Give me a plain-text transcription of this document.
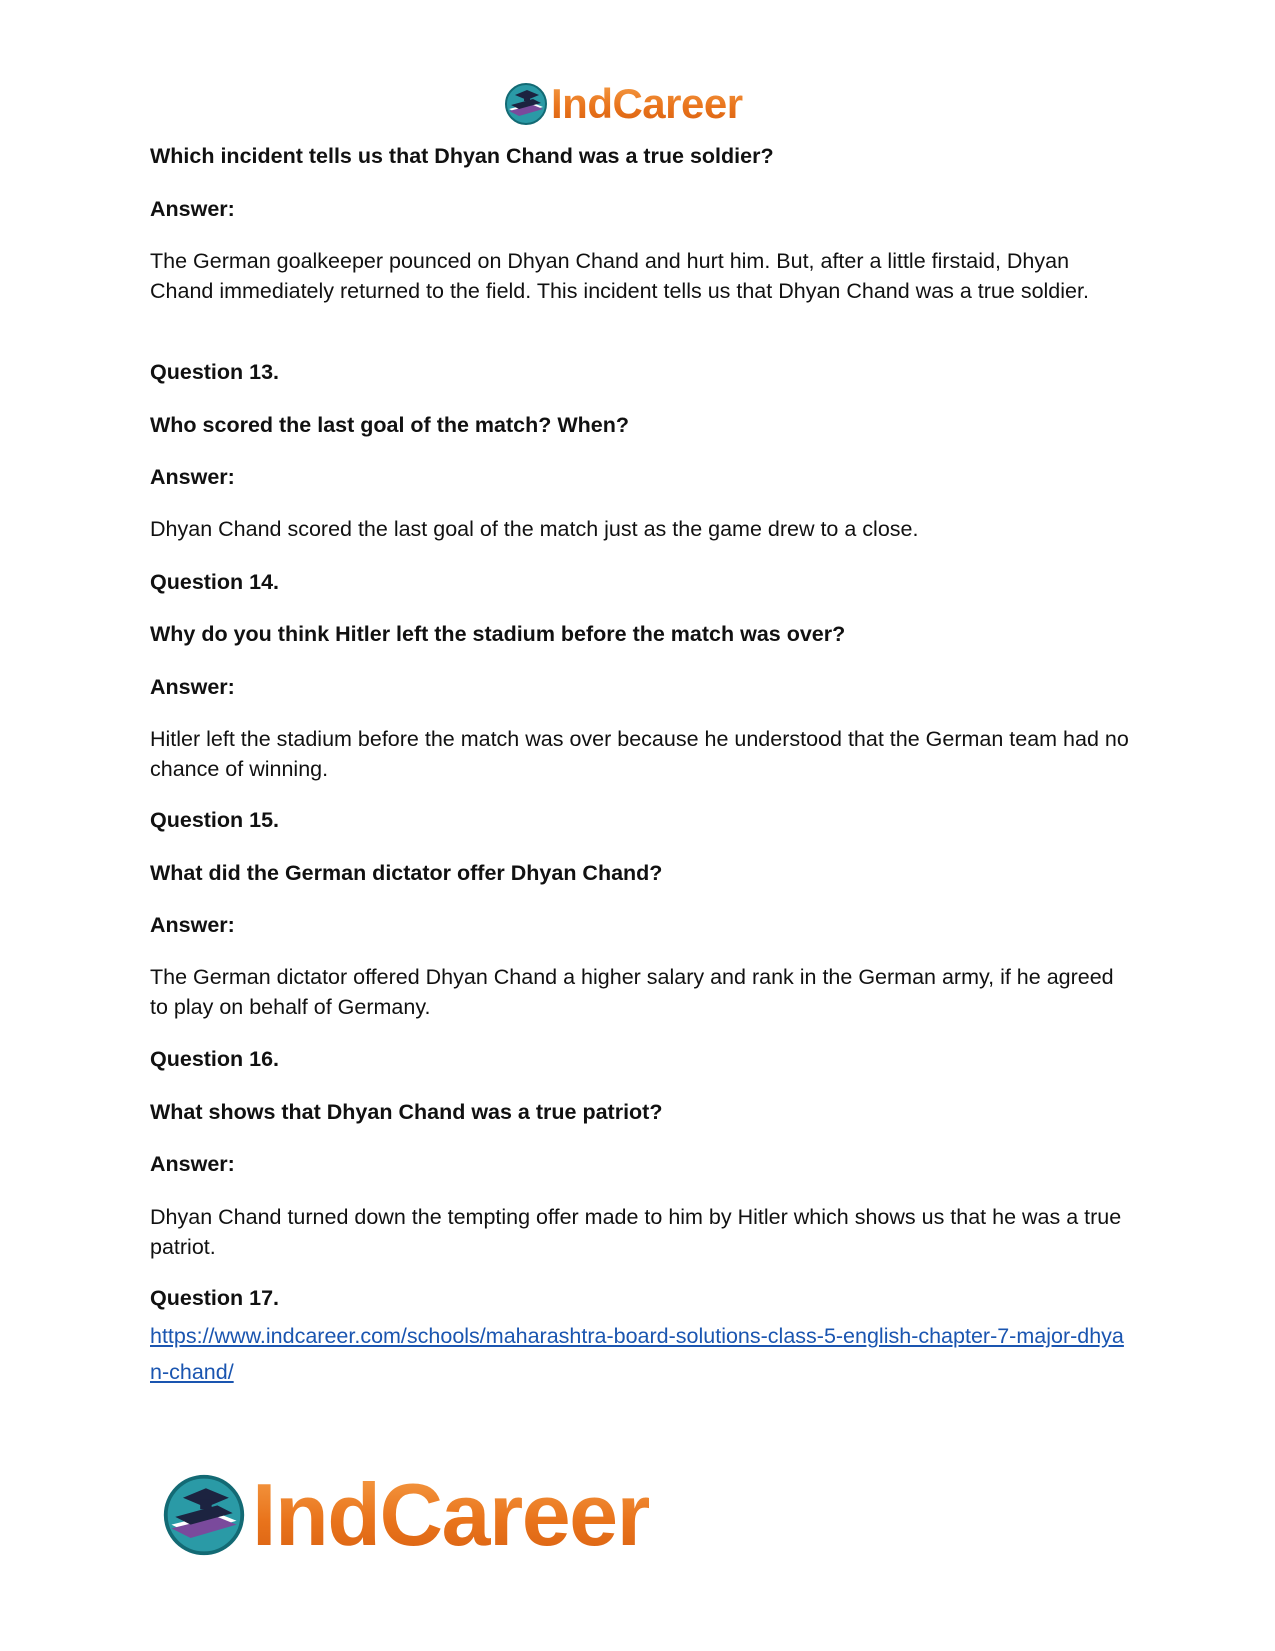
IndCareer

Which incident tells us that Dhyan Chand was a true soldier?

Answer:

The German goalkeeper pounced on Dhyan Chand and hurt him. But, after a little firstaid, Dhyan Chand immediately returned to the field. This incident tells us that Dhyan Chand was a true soldier.

Question 13.

Who scored the last goal of the match? When?

Answer:

Dhyan Chand scored the last goal of the match just as the game drew to a close.

Question 14.

Why do you think Hitler left the stadium before the match was over?

Answer:

Hitler left the stadium before the match was over because he understood that the German team had no chance of winning.

Question 15.

What did the German dictator offer Dhyan Chand?

Answer:

The German dictator offered Dhyan Chand a higher salary and rank in the German army, if he agreed to play on behalf of Germany.

Question 16.

What shows that Dhyan Chand was a true patriot?

Answer:

Dhyan Chand turned down the tempting offer made to him by Hitler which shows us that he was a true patriot.

Question 17.

https://www.indcareer.com/schools/maharashtra-board-solutions-class-5-english-chapter-7-major-dhyan-chand/
IndCareer
